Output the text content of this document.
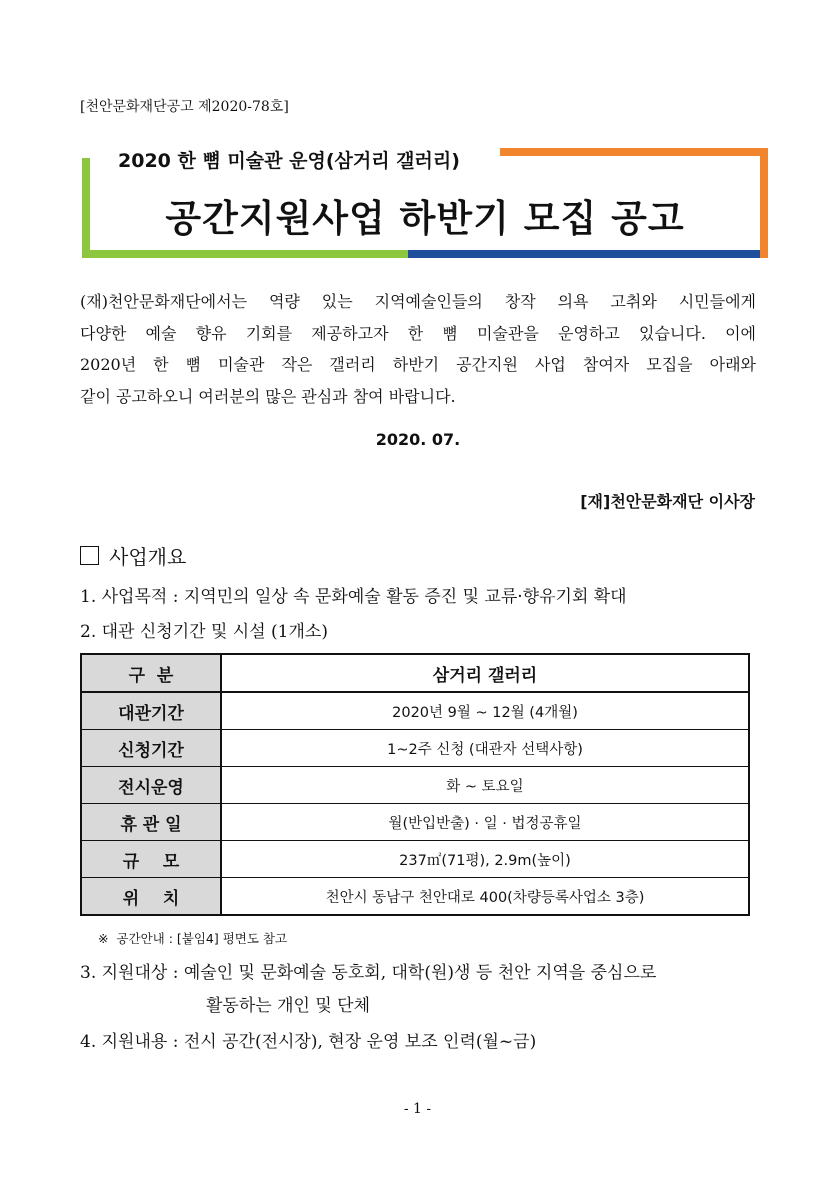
[천안문화재단공고 제2020-78호]
2020 한 뼘 미술관 운영(삼거리 갤러리)
공간지원사업 하반기 모집 공고
(재)천안문화재단에서는 역량 있는 지역예술인들의 창작 의욕 고취와 시민들에게
다양한 예술 향유 기회를 제공하고자 한 뼘 미술관을 운영하고 있습니다. 이에
2020년 한 뼘 미술관 작은 갤러리 하반기 공간지원 사업 참여자 모집을 아래와
같이 공고하오니 여러분의 많은 관심과 참여 바랍니다.
2020. 07.
[재]천안문화재단 이사장
사업개요
1. 사업목적 : 지역민의 일상 속 문화예술 활동 증진 및 교류·향유기회 확대
2. 대관 신청기간 및 시설 (1개소)
구  분	삼거리 갤러리
대관기간	2020년 9월 ~ 12월 (4개월)
신청기간	1~2주 신청 (대관자 선택사항)
전시운영	화 ~ 토요일
휴 관 일	월(반입반출) · 일 · 법정공휴일
규    모	237㎡(71평), 2.9m(높이)
위    치	천안시 동남구 천안대로 400(차량등록사업소 3층)
※  공간안내 : [붙임4] 평면도 참고
3. 지원대상 : 예술인 및 문화예술 동호회, 대학(원)생 등 천안 지역을 중심으로
활동하는 개인 및 단체
4. 지원내용 : 전시 공간(전시장), 현장 운영 보조 인력(월~금)
- 1 -
